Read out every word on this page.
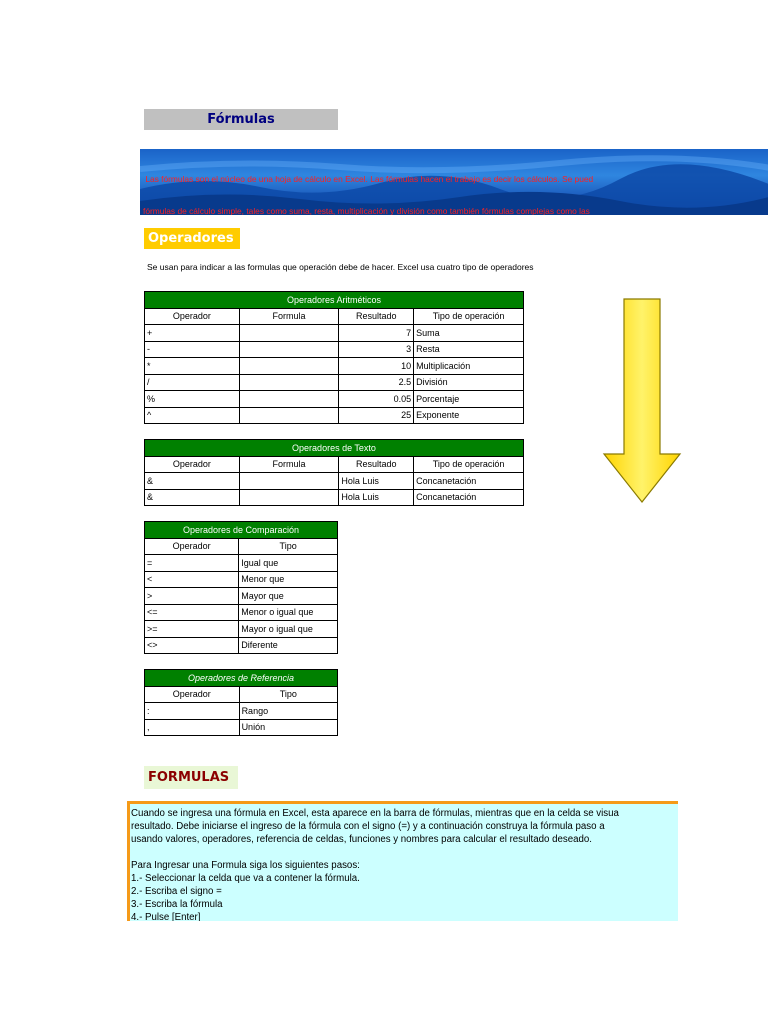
Fórmulas

Las fórmulas son el núcleo de una hoja de cálculo en Excel. Las fórmulas hacen el trabajo es decir los cálculos. Se pued

fórmulas de cálculo simple, tales como suma, resta, multiplicación y división como también fórmulas complejas como las

Operadores
Se usan para indicar a las formulas que operación debe de hacer. Excel usa cuatro tipo de operadores
Operadores Aritméticos			
Operador	Formula	Resultado	Tipo de operación
+		7	Suma
-		3	Resta
*		10	Multiplicación
/		2.5	División
%		0.05	Porcentaje
^		25	Exponente
Operadores de Texto			
Operador	Formula	Resultado	Tipo de operación
&		Hola Luis	Concanetación
&		Hola Luis	Concanetación
Operadores de Comparación	
Operador	Tipo
=	Igual que
<	Menor que
>	Mayor que
<=	Menor o igual que
>=	Mayor o igual que
<>	Diferente
Operadores de Referencia	
Operador	Tipo
:	Rango
,	Unión
FORMULAS
Cuando se ingresa una fórmula en Excel, esta aparece en la barra de fórmulas, mientras que en la celda se visua
resultado. Debe iniciarse el ingreso de la fórmula con el signo (=) y a continuación construya la fórmula paso a
usando valores, operadores, referencia de celdas, funciones y nombres para calcular el resultado deseado.
Para Ingresar una Formula siga los siguientes pasos:
1.- Seleccionar la celda que va a contener la fórmula.
2.- Escriba el signo =
3.- Escriba la fórmula
4.- Pulse [Enter]
